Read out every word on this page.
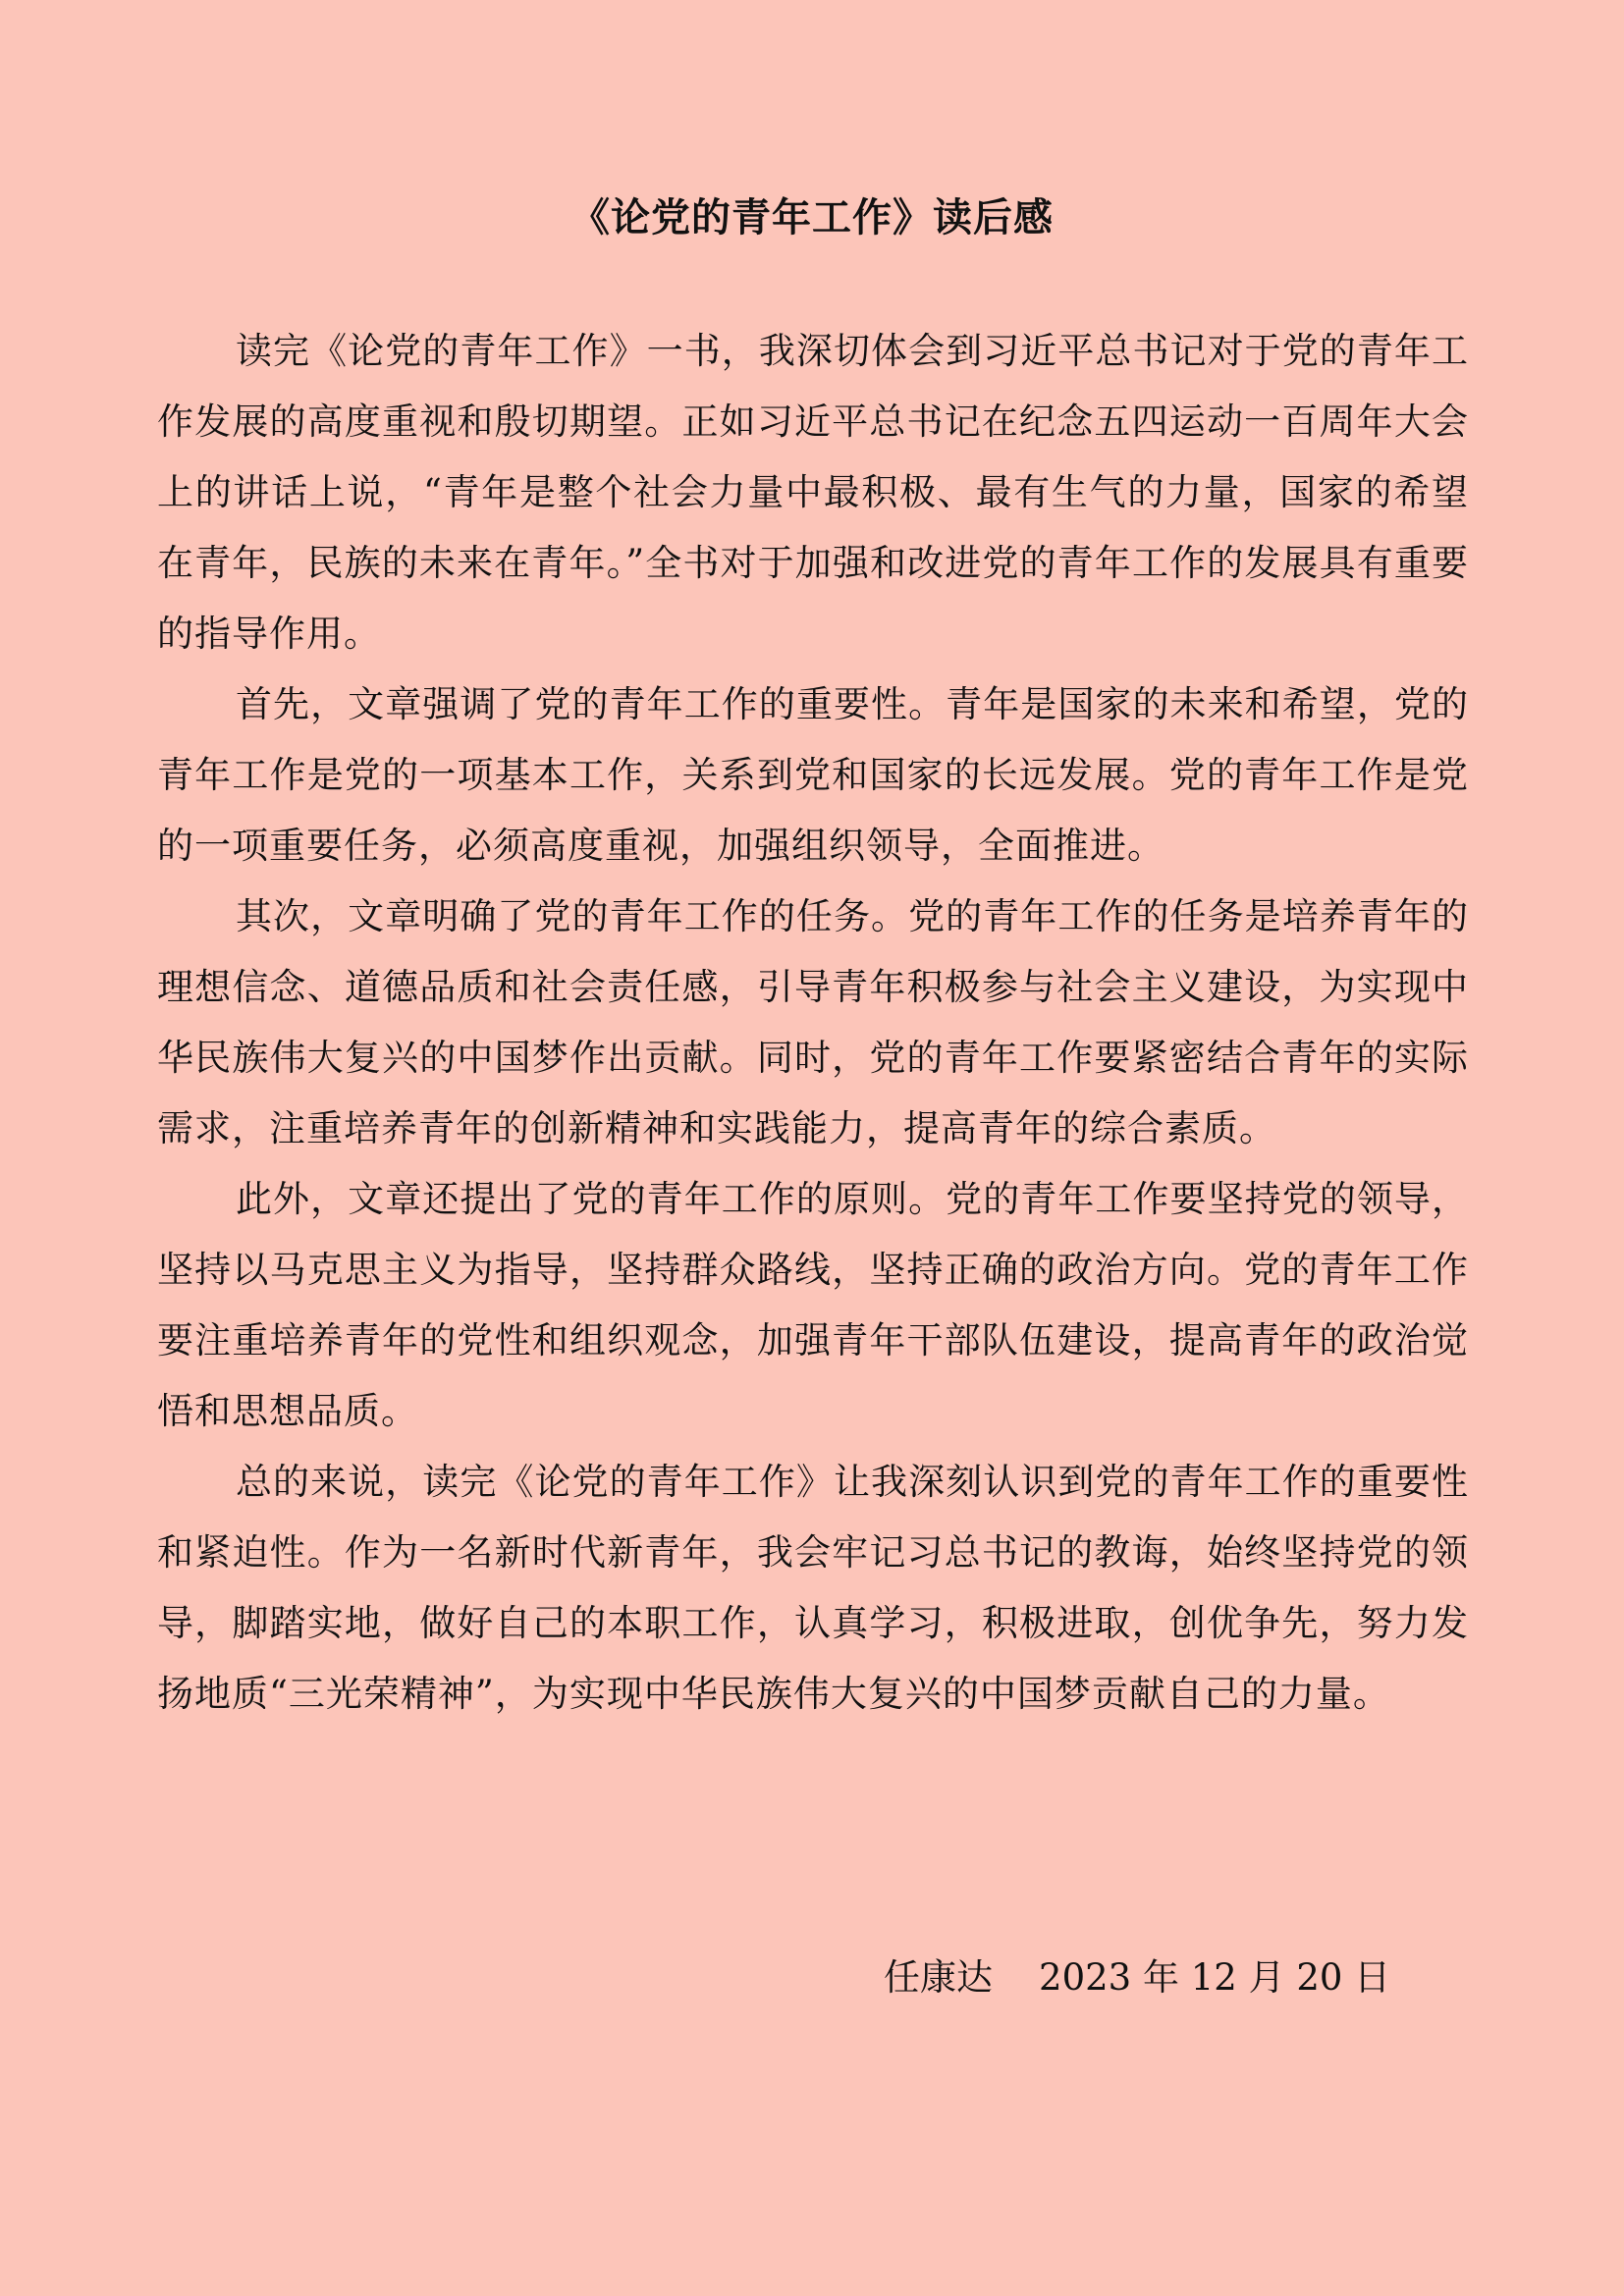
《论党的青年工作》读后感

读完《论党的青年工作》一书，我深切体会到习近平总书记对于党的青年工作发展的高度重视和殷切期望。正如习近平总书记在纪念五四运动一百周年大会上的讲话上说，“青年是整个社会力量中最积极、最有生气的力量，国家的希望在青年，民族的未来在青年。”全书对于加强和改进党的青年工作的发展具有重要的指导作用。

首先，文章强调了党的青年工作的重要性。青年是国家的未来和希望，党的青年工作是党的一项基本工作，关系到党和国家的长远发展。党的青年工作是党的一项重要任务，必须高度重视，加强组织领导，全面推进。

其次，文章明确了党的青年工作的任务。党的青年工作的任务是培养青年的理想信念、道德品质和社会责任感，引导青年积极参与社会主义建设，为实现中华民族伟大复兴的中国梦作出贡献。同时，党的青年工作要紧密结合青年的实际需求，注重培养青年的创新精神和实践能力，提高青年的综合素质。

此外，文章还提出了党的青年工作的原则。党的青年工作要坚持党的领导，坚持以马克思主义为指导，坚持群众路线，坚持正确的政治方向。党的青年工作要注重培养青年的党性和组织观念，加强青年干部队伍建设，提高青年的政治觉悟和思想品质。

总的来说，读完《论党的青年工作》让我深刻认识到党的青年工作的重要性和紧迫性。作为一名新时代新青年，我会牢记习总书记的教诲，始终坚持党的领导，脚踏实地，做好自己的本职工作，认真学习，积极进取，创优争先，努力发扬地质“三光荣精神”，为实现中华民族伟大复兴的中国梦贡献自己的力量。

任康达    2023 年 12 月 20 日
